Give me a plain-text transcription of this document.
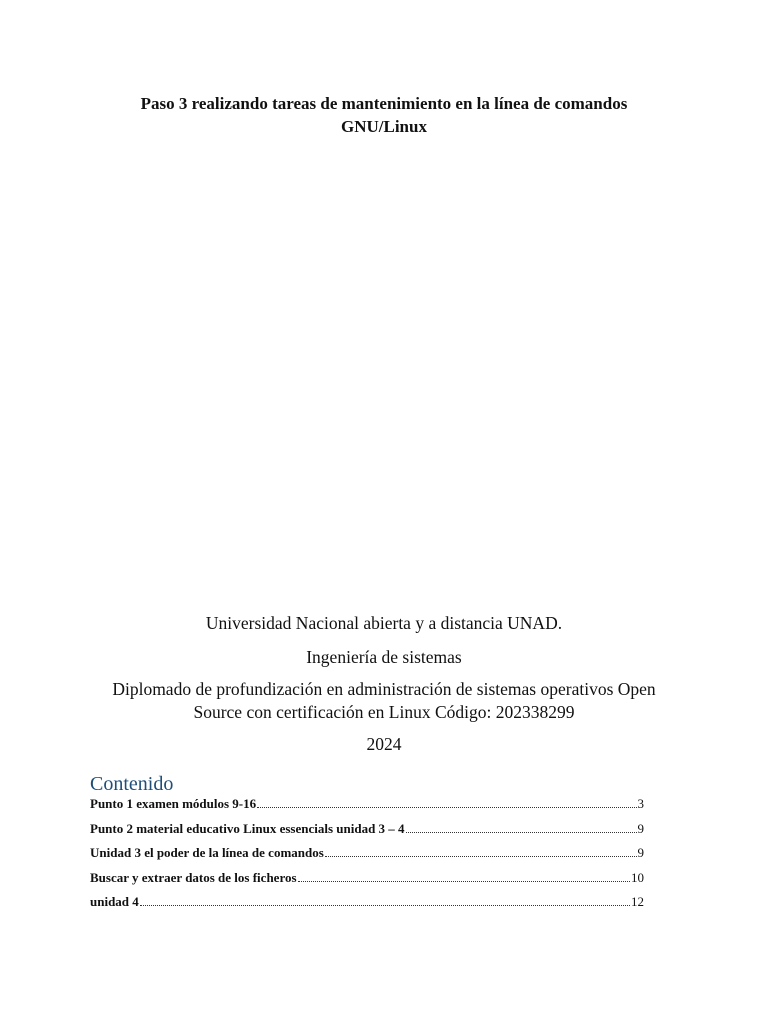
Paso 3 realizando tareas de mantenimiento en la línea de comandos
GNU/Linux
Universidad Nacional abierta y a distancia UNAD.
Ingeniería de sistemas
Diplomado de profundización en administración de sistemas operativos Open
Source con certificación en Linux Código: 202338299
2024
Contenido
Punto 1 examen módulos 9-16	3
Punto 2 material educativo Linux essencials unidad 3 – 4	9
Unidad 3 el poder de la línea de comandos	9
Buscar y extraer datos de los ficheros	10
unidad 4	12
